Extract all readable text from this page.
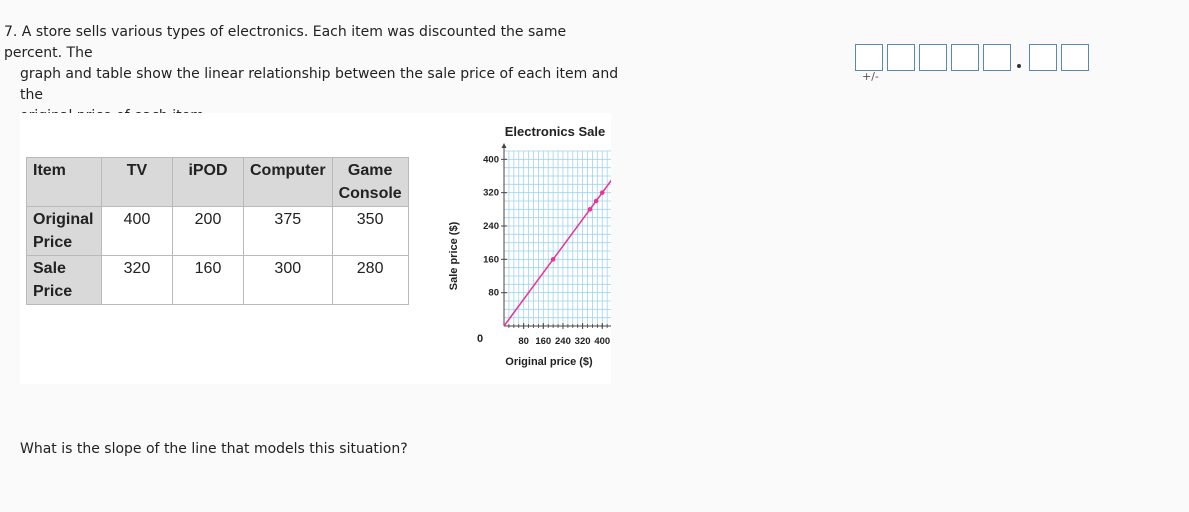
7. A store sells various types of electronics. Each item was discounted the same percent. The
graph and table show the linear relationship between the sale price of each item and the
Item	TV	iPOD	Computer	Game Console
Original Price	400	200	375	350
Sale Price	320	160	300	280
80 160 240 320 400
80
160
240
320
400
Electronics Sale
Original price ($)
Sale price ($)
0
What is the slope of the line that models this situation?
+/-
